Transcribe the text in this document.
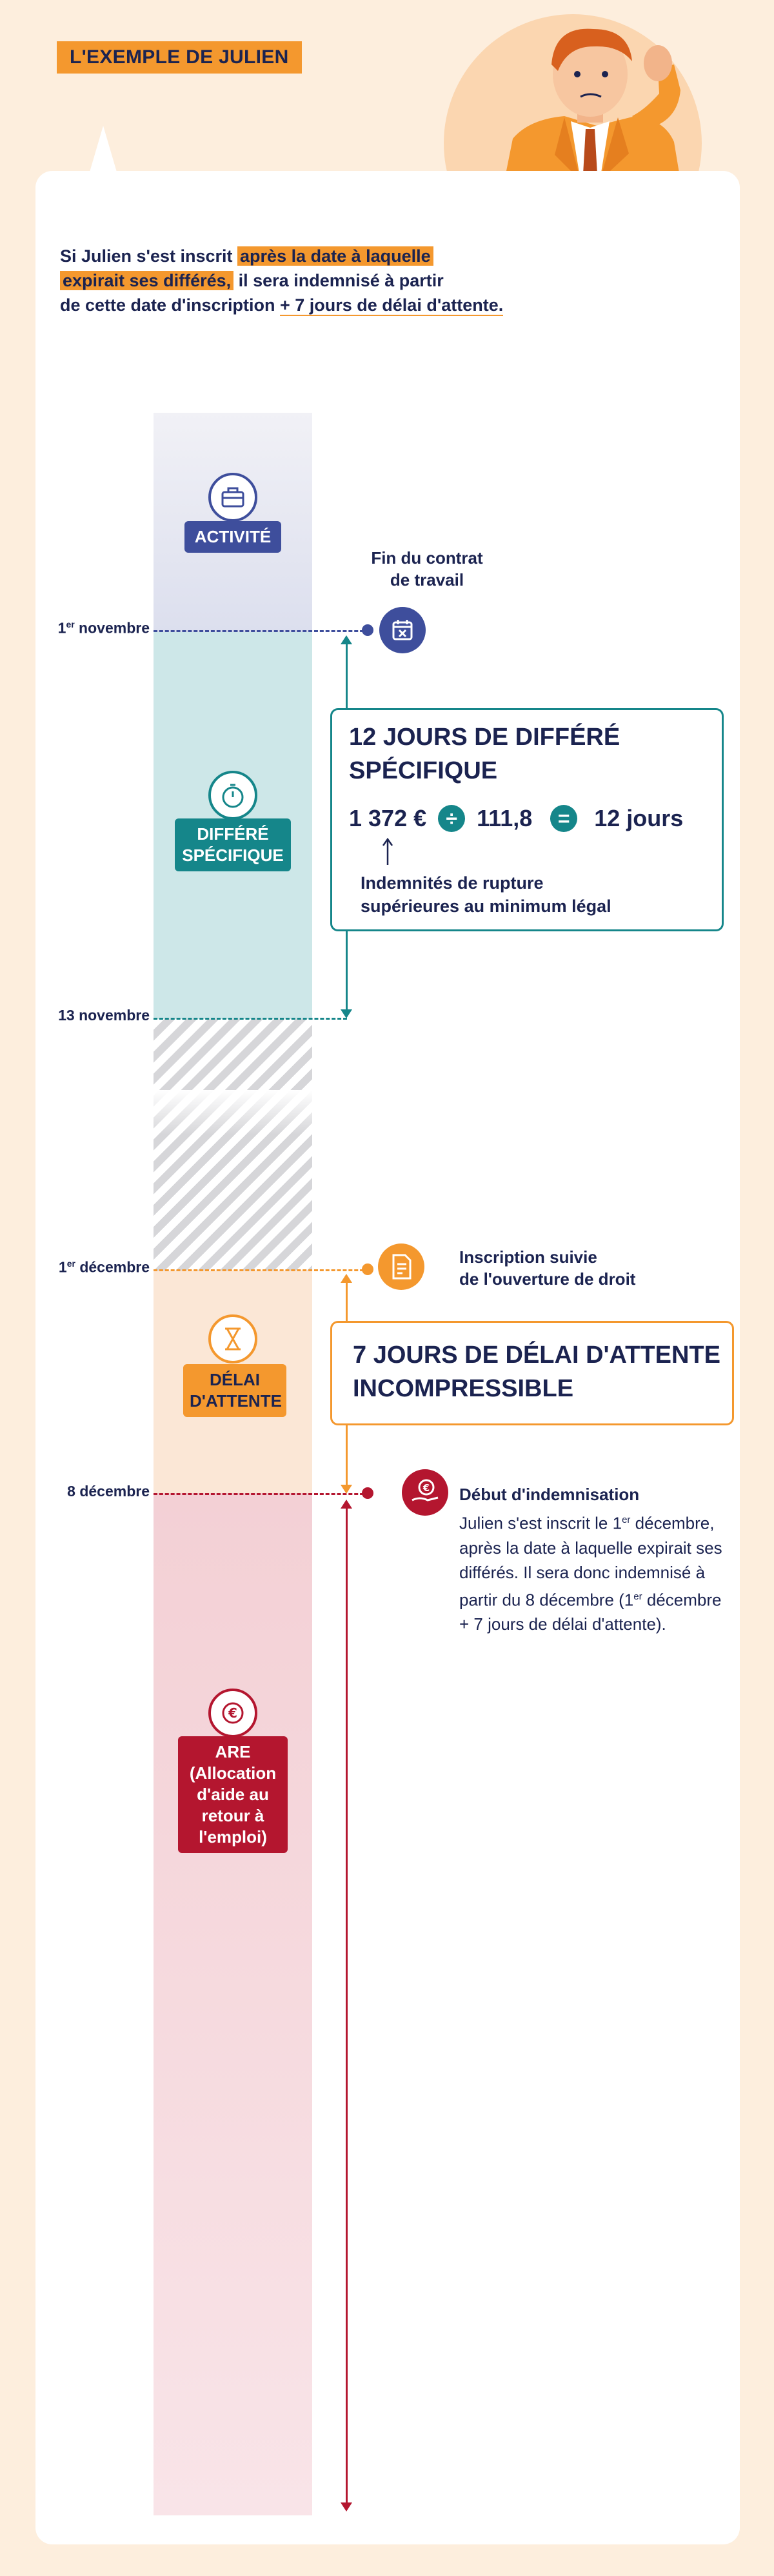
L'EXEMPLE DE JULIEN
Si Julien s'est inscrit après la date à laquelle
expirait ses différés, il sera indemnisé à partir
de cette date d'inscription + 7 jours de délai d'attente.
ACTIVITÉ
DIFFÉRÉ
SPÉCIFIQUE
DÉLAI
D'ATTENTE
€
ARE
(Allocation
d'aide au
retour à
l'emploi)
1er novembre
13 novembre
1er décembre
8 décembre
Fin du contrat
de travail
Inscription suivie
de l'ouverture de droit
€ Début d'indemnisation
Julien s'est inscrit le 1er décembre,
après la date à laquelle expirait ses
différés. Il sera donc indemnisé à
partir du 8 décembre (1er décembre
+ 7 jours de délai d'attente).
12 JOURS DE DIFFÉRÉ
SPÉCIFIQUE
1 372 € ÷ 111,8	=	12 jours
Indemnités de rupture
supérieures au minimum légal
7 JOURS DE DÉLAI D'ATTENTE
INCOMPRESSIBLE
